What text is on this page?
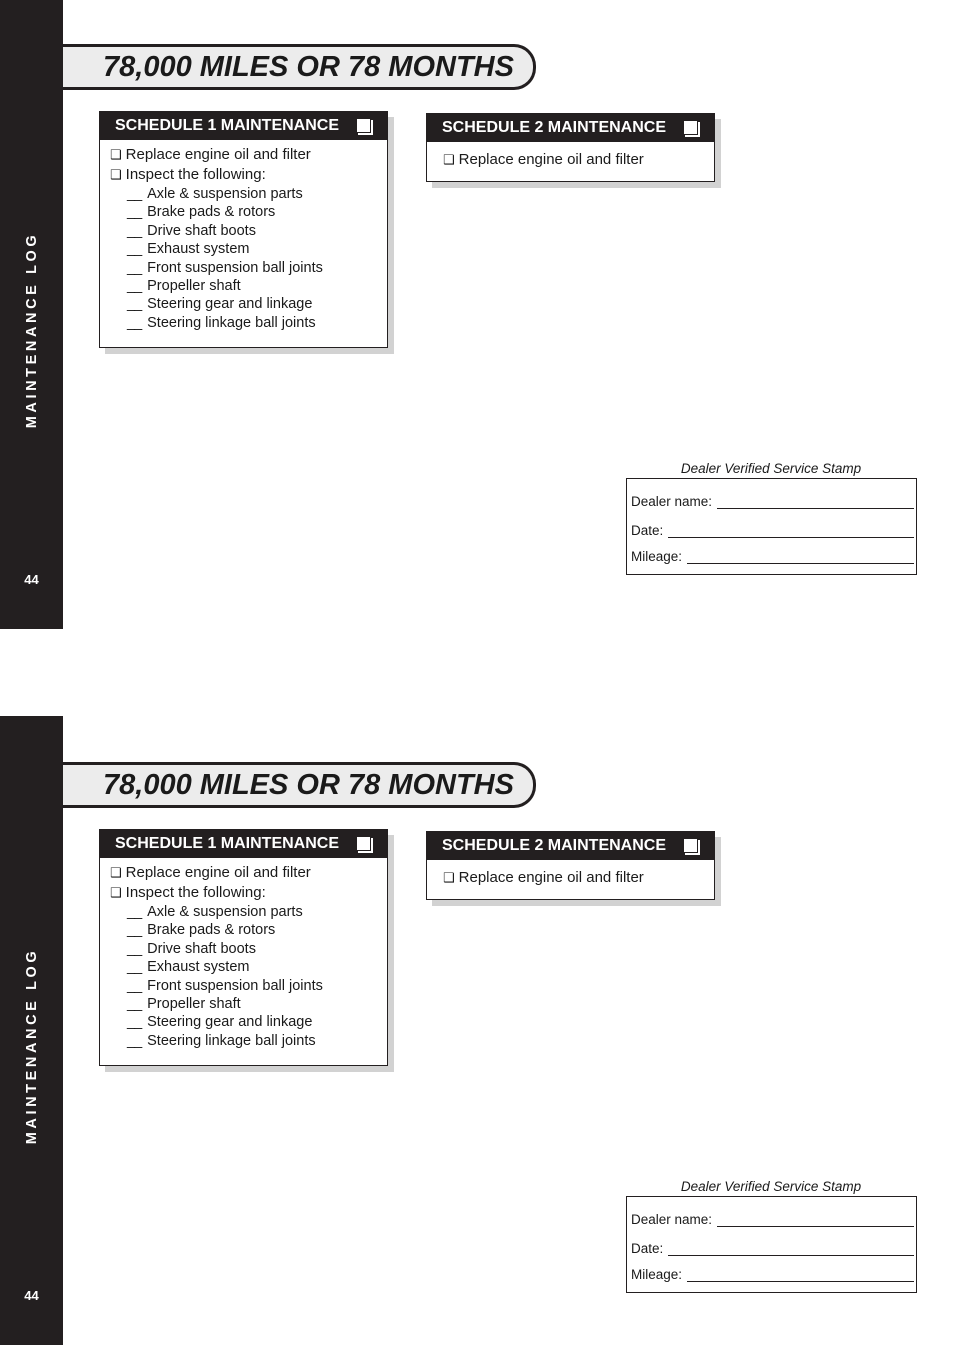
MAINTENANCE LOG
44
78,000 MILES OR 78 MONTHS
SCHEDULE 1 MAINTENANCE
❑ Replace engine oil and filter
❑ Inspect the following:
__ Axle & suspension parts
__ Brake pads & rotors
__ Drive shaft boots
__ Exhaust system
__ Front suspension ball joints
__ Propeller shaft
__ Steering gear and linkage
__ Steering linkage ball joints
SCHEDULE 2 MAINTENANCE
❑ Replace engine oil and filter
Dealer Verified Service Stamp
Dealer name:
Date:
Mileage:
MAINTENANCE LOG
44
78,000 MILES OR 78 MONTHS
SCHEDULE 1 MAINTENANCE
❑ Replace engine oil and filter
❑ Inspect the following:
__ Axle & suspension parts
__ Brake pads & rotors
__ Drive shaft boots
__ Exhaust system
__ Front suspension ball joints
__ Propeller shaft
__ Steering gear and linkage
__ Steering linkage ball joints
SCHEDULE 2 MAINTENANCE
❑ Replace engine oil and filter
Dealer Verified Service Stamp
Dealer name:
Date:
Mileage:
